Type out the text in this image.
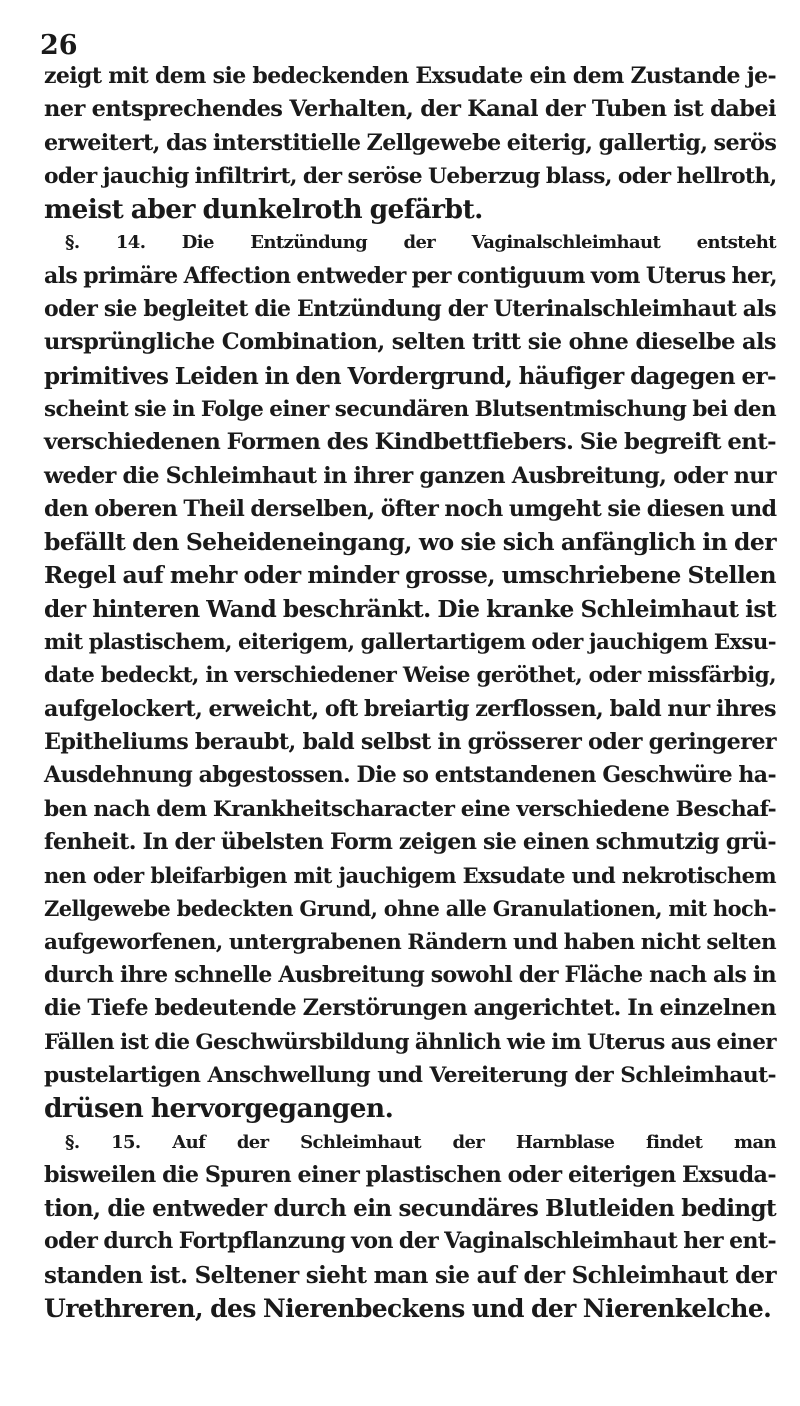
26
zeigt mit dem sie bedeckenden Exsudate ein dem Zustande je-
ner entsprechendes Verhalten, der Kanal der Tuben ist dabei
erweitert, das interstitielle Zellgewebe eiterig, gallertig, serös
oder jauchig infiltrirt, der seröse Ueberzug blass, oder hellroth,
meist aber dunkelroth gefärbt.
§. 14. Die Entzündung der Vaginalschleimhaut entsteht
als primäre Affection entweder per contiguum vom Uterus her,
oder sie begleitet die Entzündung der Uterinalschleimhaut als
ursprüngliche Combination, selten tritt sie ohne dieselbe als
primitives Leiden in den Vordergrund, häufiger dagegen er-
scheint sie in Folge einer secundären Blutsentmischung bei den
verschiedenen Formen des Kindbettfiebers. Sie begreift ent-
weder die Schleimhaut in ihrer ganzen Ausbreitung, oder nur
den oberen Theil derselben, öfter noch umgeht sie diesen und
befällt den Seheideneingang, wo sie sich anfänglich in der
Regel auf mehr oder minder grosse, umschriebene Stellen
der hinteren Wand beschränkt. Die kranke Schleimhaut ist
mit plastischem, eiterigem, gallertartigem oder jauchigem Exsu-
date bedeckt, in verschiedener Weise geröthet, oder missfärbig,
aufgelockert, erweicht, oft breiartig zerflossen, bald nur ihres
Epitheliums beraubt, bald selbst in grösserer oder geringerer
Ausdehnung abgestossen. Die so entstandenen Geschwüre ha-
ben nach dem Krankheitscharacter eine verschiedene Beschaf-
fenheit. In der übelsten Form zeigen sie einen schmutzig grü-
nen oder bleifarbigen mit jauchigem Exsudate und nekrotischem
Zellgewebe bedeckten Grund, ohne alle Granulationen, mit hoch-
aufgeworfenen, untergrabenen Rändern und haben nicht selten
durch ihre schnelle Ausbreitung sowohl der Fläche nach als in
die Tiefe bedeutende Zerstörungen angerichtet. In einzelnen
Fällen ist die Geschwürsbildung ähnlich wie im Uterus aus einer
pustelartigen Anschwellung und Vereiterung der Schleimhaut-
drüsen hervorgegangen.
§. 15. Auf der Schleimhaut der Harnblase findet man
bisweilen die Spuren einer plastischen oder eiterigen Exsuda-
tion, die entweder durch ein secundäres Blutleiden bedingt
oder durch Fortpflanzung von der Vaginalschleimhaut her ent-
standen ist. Seltener sieht man sie auf der Schleimhaut der
Urethreren, des Nierenbeckens und der Nierenkelche.
